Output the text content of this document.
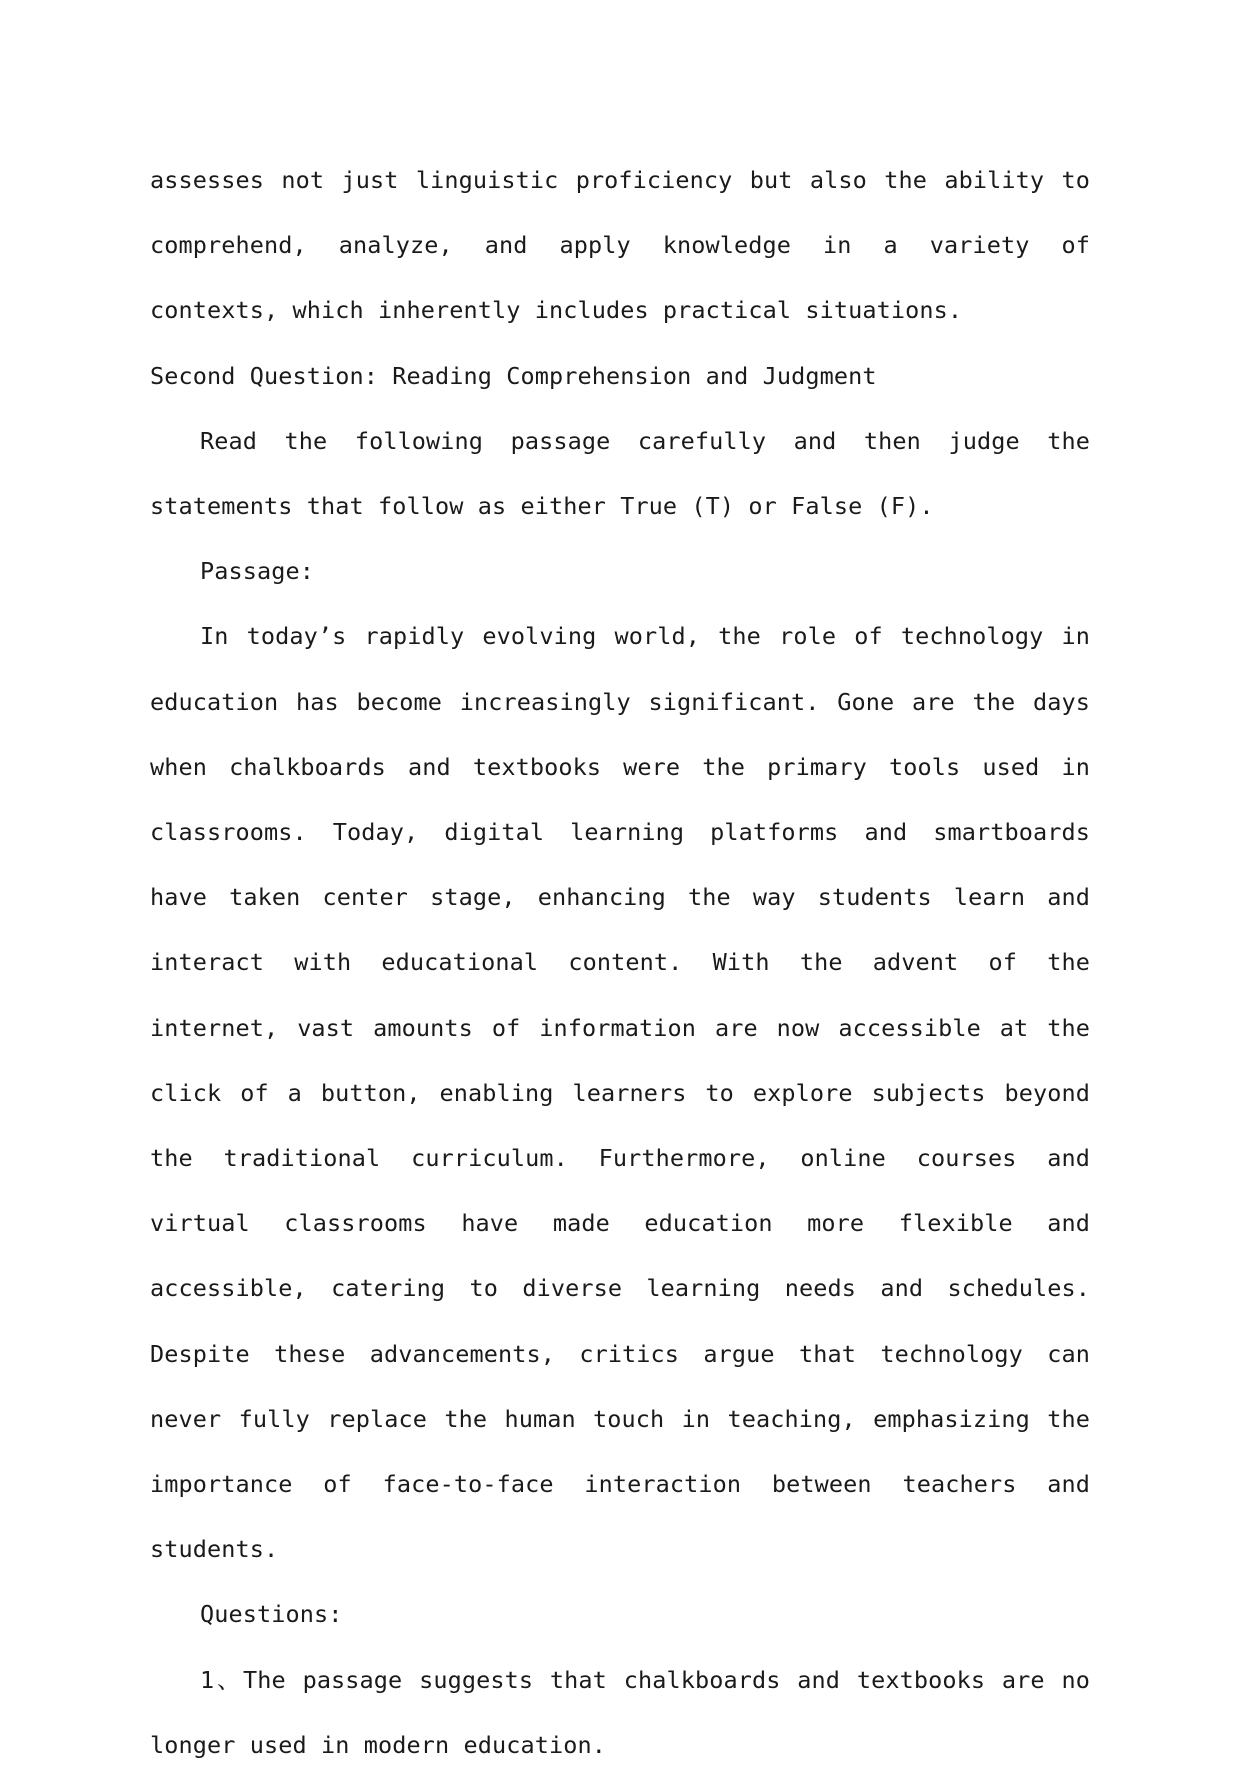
assesses not just linguistic proficiency but also the ability to comprehend, analyze, and apply knowledge in a variety of contexts, which inherently includes practical situations.

Second Question: Reading Comprehension and Judgment

Read the following passage carefully and then judge the statements that follow as either True (T) or False (F).

Passage:

In today’s rapidly evolving world, the role of technology in education has become increasingly significant. Gone are the days when chalkboards and textbooks were the primary tools used in classrooms. Today, digital learning platforms and smartboards have taken center stage, enhancing the way students learn and interact with educational content. With the advent of the internet, vast amounts of information are now accessible at the click of a button, enabling learners to explore subjects beyond the traditional curriculum. Furthermore, online courses and virtual classrooms have made education more flexible and accessible, catering to diverse learning needs and schedules. Despite these advancements, critics argue that technology can never fully replace the human touch in teaching, emphasizing the importance of face-to-face interaction between teachers and students.

Questions:

1、The passage suggests that chalkboards and textbooks are no longer used in modern education.
